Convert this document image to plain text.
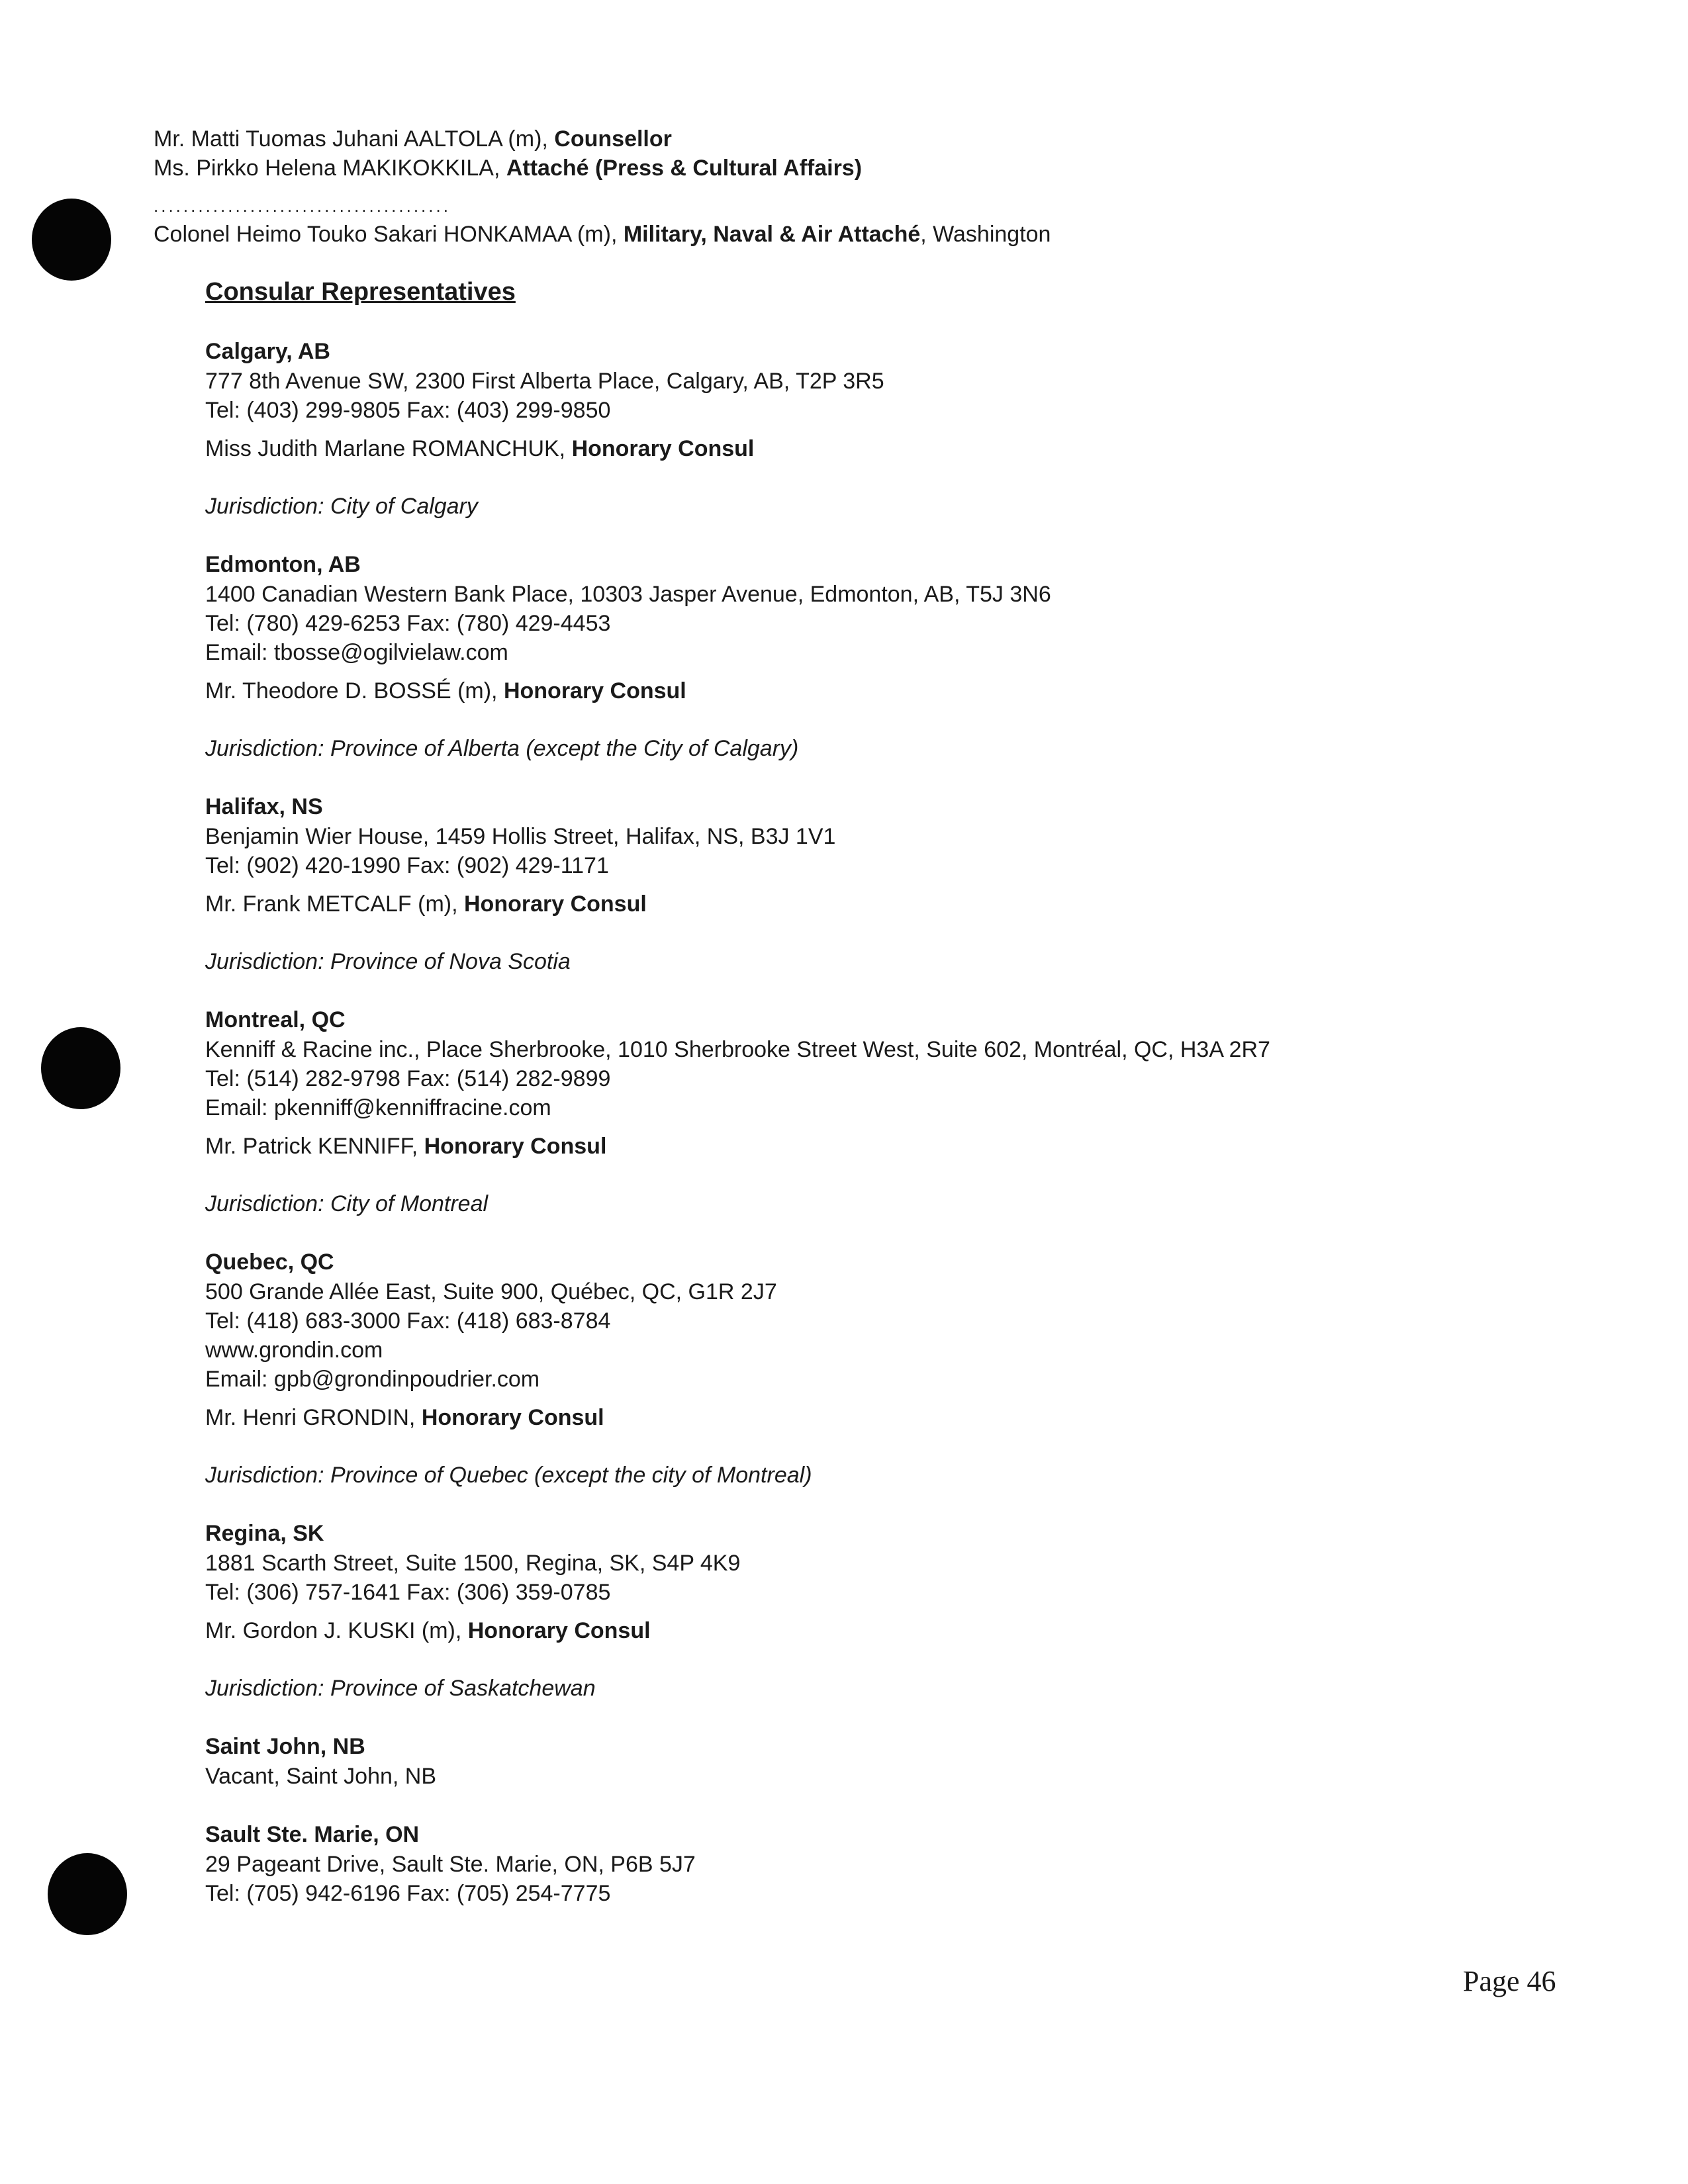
Mr. Matti Tuomas Juhani AALTOLA (m), Counsellor
Ms. Pirkko Helena MAKIKOKKILA, Attaché (Press & Cultural Affairs)
........................................
Colonel Heimo Touko Sakari HONKAMAA (m), Military, Naval & Air Attaché, Washington
Consular Representatives
Calgary, AB
777 8th Avenue SW, 2300 First Alberta Place, Calgary, AB, T2P 3R5
Tel: (403) 299-9805 Fax: (403) 299-9850
Miss Judith Marlane ROMANCHUK, Honorary Consul
Jurisdiction: City of Calgary
Edmonton, AB
1400 Canadian Western Bank Place, 10303 Jasper Avenue, Edmonton, AB, T5J 3N6
Tel: (780) 429-6253 Fax: (780) 429-4453
Email: tbosse@ogilvielaw.com
Mr. Theodore D. BOSSÉ (m), Honorary Consul
Jurisdiction: Province of Alberta (except the City of Calgary)
Halifax, NS
Benjamin Wier House, 1459 Hollis Street, Halifax, NS, B3J 1V1
Tel: (902) 420-1990 Fax: (902) 429-1171
Mr. Frank METCALF (m), Honorary Consul
Jurisdiction: Province of Nova Scotia
Montreal, QC
Kenniff & Racine inc., Place Sherbrooke, 1010 Sherbrooke Street West, Suite 602, Montréal, QC, H3A 2R7
Tel: (514) 282-9798 Fax: (514) 282-9899
Email: pkenniff@kenniffracine.com
Mr. Patrick KENNIFF, Honorary Consul
Jurisdiction: City of Montreal
Quebec, QC
500 Grande Allée East, Suite 900, Québec, QC, G1R 2J7
Tel: (418) 683-3000 Fax: (418) 683-8784
www.grondin.com
Email: gpb@grondinpoudrier.com
Mr. Henri GRONDIN, Honorary Consul
Jurisdiction: Province of Quebec (except the city of Montreal)
Regina, SK
1881 Scarth Street, Suite 1500, Regina, SK, S4P 4K9
Tel: (306) 757-1641 Fax: (306) 359-0785
Mr. Gordon J. KUSKI (m), Honorary Consul
Jurisdiction: Province of Saskatchewan
Saint John, NB
Vacant, Saint John, NB
Sault Ste. Marie, ON
29 Pageant Drive, Sault Ste. Marie, ON, P6B 5J7
Tel: (705) 942-6196 Fax: (705) 254-7775
Page 46
